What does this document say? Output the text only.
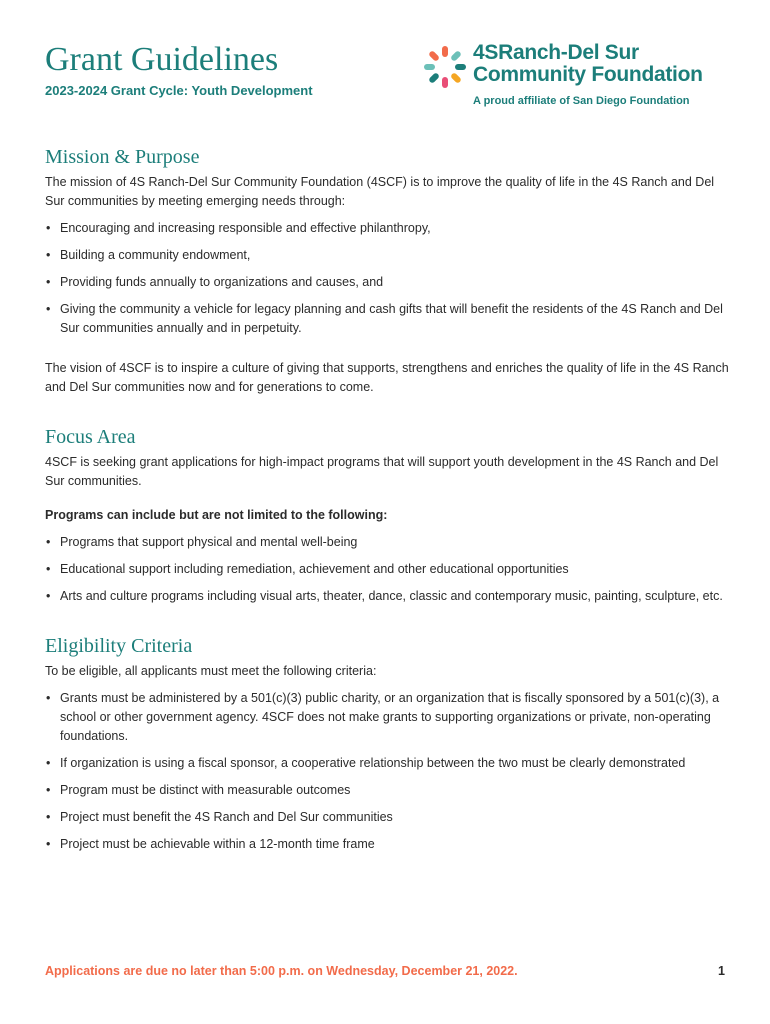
Grant Guidelines

2023-2024 Grant Cycle: Youth Development

4SRanch-Del Sur
Community Foundation

A proud affiliate of San Diego Foundation

Mission & Purpose

The mission of 4S Ranch-Del Sur Community Foundation (4SCF) is to improve the quality of life in the 4S Ranch and Del Sur communities by meeting emerging needs through:

• Encouraging and increasing responsible and effective philanthropy,
• Building a community endowment,
• Providing funds annually to organizations and causes, and
• Giving the community a vehicle for legacy planning and cash gifts that will benefit the residents of the 4S Ranch and Del Sur communities annually and in perpetuity.

The vision of 4SCF is to inspire a culture of giving that supports, strengthens and enriches the quality of life in the 4S Ranch and Del Sur communities now and for generations to come.

Focus Area

4SCF is seeking grant applications for high-impact programs that will support youth development in the 4S Ranch and Del Sur communities.

Programs can include but are not limited to the following:

• Programs that support physical and mental well-being
• Educational support including remediation, achievement and other educational opportunities
• Arts and culture programs including visual arts, theater, dance, classic and contemporary music, painting, sculpture, etc.
Eligibility Criteria

To be eligible, all applicants must meet the following criteria:

• Grants must be administered by a 501(c)(3) public charity, or an organization that is fiscally sponsored by a 501(c)(3), a school or other government agency. 4SCF does not make grants to supporting organizations or private, non-operating foundations.
• If organization is using a fiscal sponsor, a cooperative relationship between the two must be clearly demonstrated
• Program must be distinct with measurable outcomes
• Project must benefit the 4S Ranch and Del Sur communities
• Project must be achievable within a 12-month time frame

Applications are due no later than 5:00 p.m. on Wednesday, December 21, 2022.	1
